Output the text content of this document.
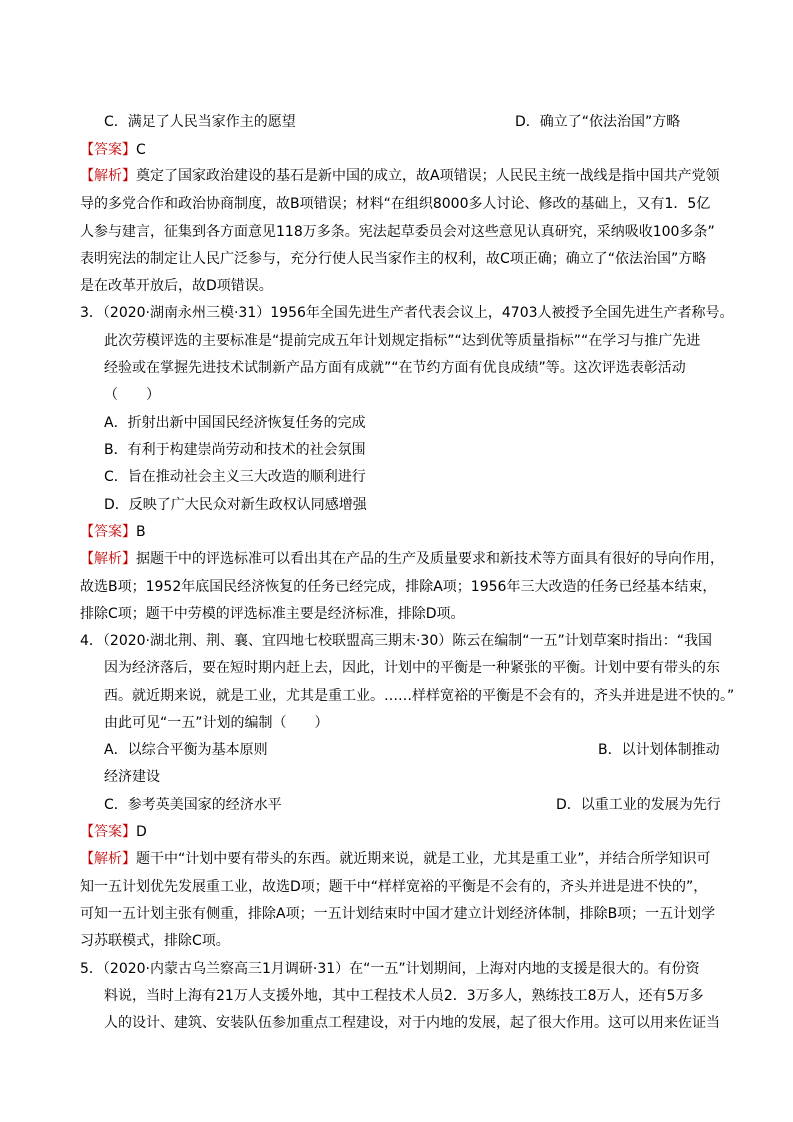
C．满足了人民当家作主的愿望	D．确立了“依法治国”方略
【答案】C
【解析】奠定了国家政治建设的基石是新中国的成立，故A项错误；人民民主统一战线是指中国共产党领
导的多党合作和政治协商制度，故B项错误；材料“在组织8000多人讨论、修改的基础上，又有1．5亿
人参与建言，征集到各方面意见118万多条。宪法起草委员会对这些意见认真研究，采纳吸收100多条”
表明宪法的制定让人民广泛参与，充分行使人民当家作主的权利，故C项正确；确立了“依法治国”方略
是在改革开放后，故D项错误。
3．（2020·湖南永州三模·31）1956年全国先进生产者代表会议上，4703人被授予全国先进生产者称号。
此次劳模评选的主要标准是“提前完成五年计划规定指标”“达到优等质量指标”“在学习与推广先进
经验或在掌握先进技术试制新产品方面有成就”“在节约方面有优良成绩”等。这次评选表彰活动
（　　）
A．折射出新中国国民经济恢复任务的完成
B．有利于构建崇尚劳动和技术的社会氛围
C．旨在推动社会主义三大改造的顺利进行
D．反映了广大民众对新生政权认同感增强
【答案】B
【解析】据题干中的评选标准可以看出其在产品的生产及质量要求和新技术等方面具有很好的导向作用，
故选B项；1952年底国民经济恢复的任务已经完成，排除A项；1956年三大改造的任务已经基本结束，
排除C项；题干中劳模的评选标准主要是经济标准，排除D项。
4．（2020·湖北荆、荆、襄、宜四地七校联盟高三期末·30）陈云在编制“一五”计划草案时指出：“我国
因为经济落后，要在短时期内赶上去，因此，计划中的平衡是一种紧张的平衡。计划中要有带头的东
西。就近期来说，就是工业，尤其是重工业。……样样宽裕的平衡是不会有的，齐头并进是进不快的。”
由此可见“一五”计划的编制（　　）
A．以综合平衡为基本原则	B．以计划体制推动
经济建设
C．参考英美国家的经济水平	D．以重工业的发展为先行
【答案】D
【解析】题干中“计划中要有带头的东西。就近期来说，就是工业，尤其是重工业”，并结合所学知识可
知一五计划优先发展重工业，故选D项；题干中“样样宽裕的平衡是不会有的，齐头并进是进不快的”，
可知一五计划主张有侧重，排除A项；一五计划结束时中国才建立计划经济体制，排除B项；一五计划学
习苏联模式，排除C项。
5．（2020·内蒙古乌兰察高三1月调研·31）在“一五”计划期间，上海对内地的支援是很大的。有份资
料说，当时上海有21万人支援外地，其中工程技术人员2．3万多人，熟练技工8万人，还有5万多
人的设计、建筑、安装队伍参加重点工程建设，对于内地的发展，起了很大作用。这可以用来佐证当
